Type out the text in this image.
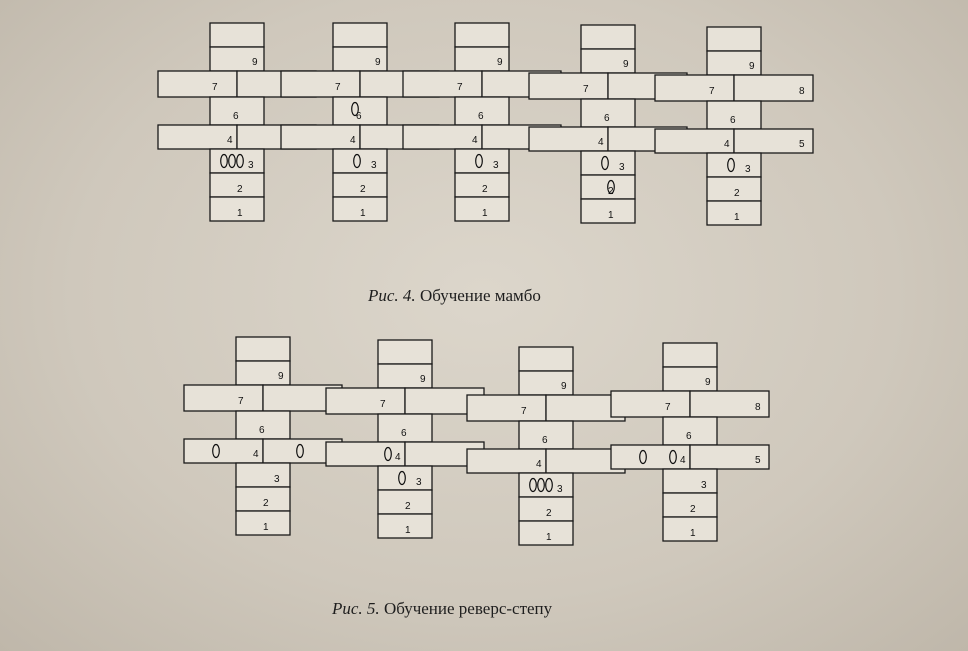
9
7
6
4
3
2
1
9
7
6
4
3
2
1
9
7
6
4
3
2
1
9
7
6
4
3
2
1
9
7	8
6
4	5
3
2
1
9
7
6
4
3
2
1
9
7
6
4
3
2
1
9
7
6
4
3
2
1
9
7	8
6
4	5
3
2
1
Рис. 4. Обучение мамбо
Рис. 5. Обучение реверс-степу
